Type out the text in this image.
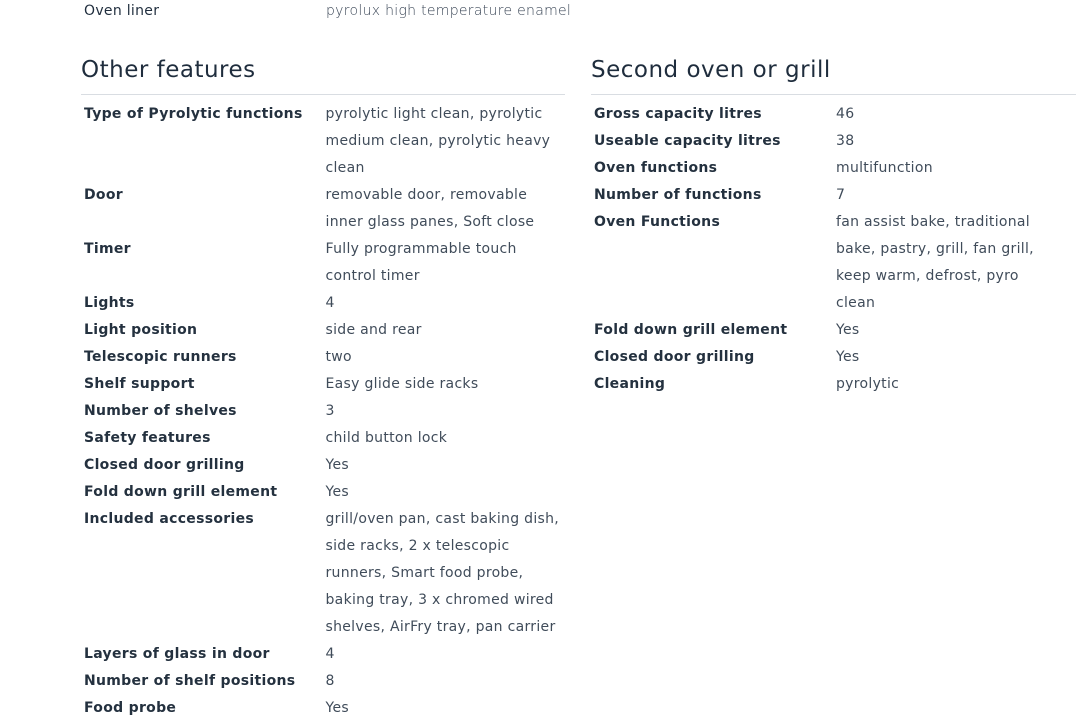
Oven liner	pyrolux high temperature enamel
Other features
Type of Pyrolytic functions	pyrolytic light clean, pyrolytic medium clean, pyrolytic heavy clean
Door	removable door, removable inner glass panes, Soft close
Timer	Fully programmable touch control timer
Lights	4
Light position	side and rear
Telescopic runners	two
Shelf support	Easy glide side racks
Number of shelves	3
Safety features	child button lock
Closed door grilling	Yes
Fold down grill element	Yes
Included accessories	grill/oven pan, cast baking dish, side racks, 2 x telescopic runners, Smart food probe, baking tray, 3 x chromed wired shelves, AirFry tray, pan carrier
Layers of glass in door	4
Number of shelf positions	8
Food probe	Yes
Second oven or grill
Gross capacity litres	46
Useable capacity litres	38
Oven functions	multifunction
Number of functions	7
Oven Functions	fan assist bake, traditional bake, pastry, grill, fan grill, keep warm, defrost, pyro clean
Fold down grill element	Yes
Closed door grilling	Yes
Cleaning	pyrolytic
